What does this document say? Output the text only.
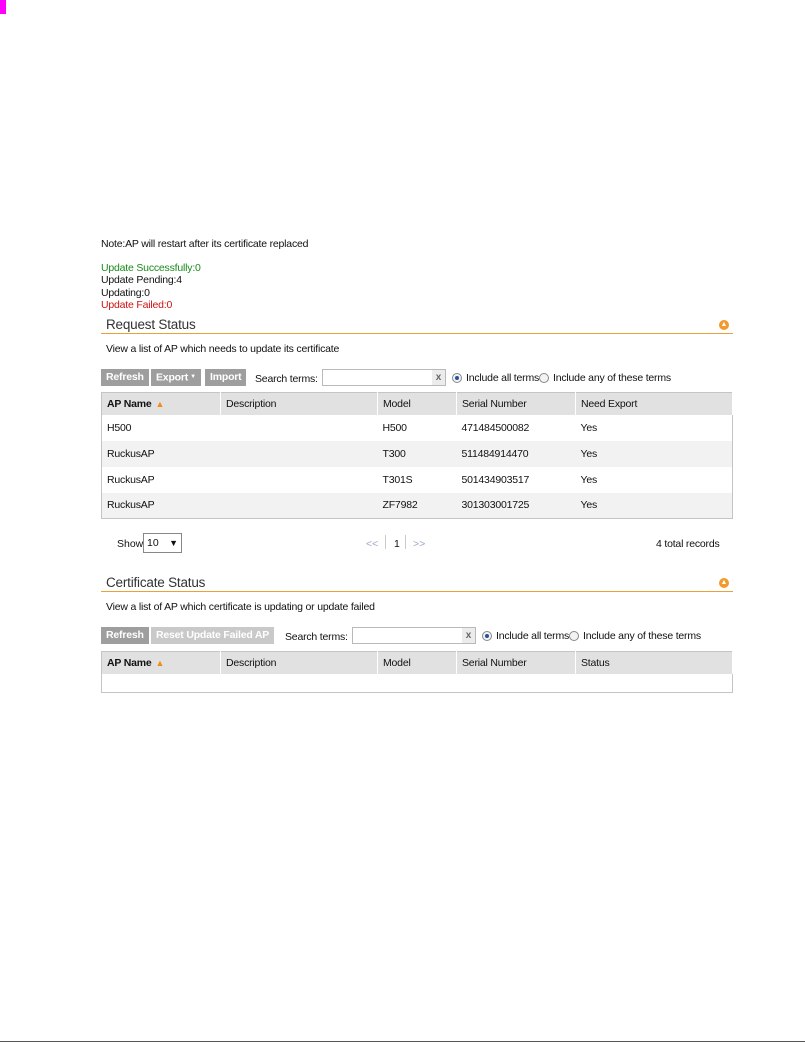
Note:AP will restart after its certificate replaced
Update Successfully:0
Update Pending:4
Updating:0
Update Failed:0
Request Status	▲
View a list of AP which needs to update its certificate
Refresh	Export ▼	Import	Search terms:	x	Include all terms Include any of these terms
AP Name ▲	Description	Model	Serial Number	Need Export
H500		H500	471484500082	Yes
RuckusAP		T300	511484914470	Yes
RuckusAP		T301S	501434903517	Yes
RuckusAP		ZF7982	301303001725	Yes
Show 10 ▼	<< 1 >>	4 total records
Certificate Status	▲
View a list of AP which certificate is updating or update failed
Refresh	Reset Update Failed AP	Search terms:	x	Include all terms Include any of these terms
AP Name ▲	Description	Model	Serial Number	Status
